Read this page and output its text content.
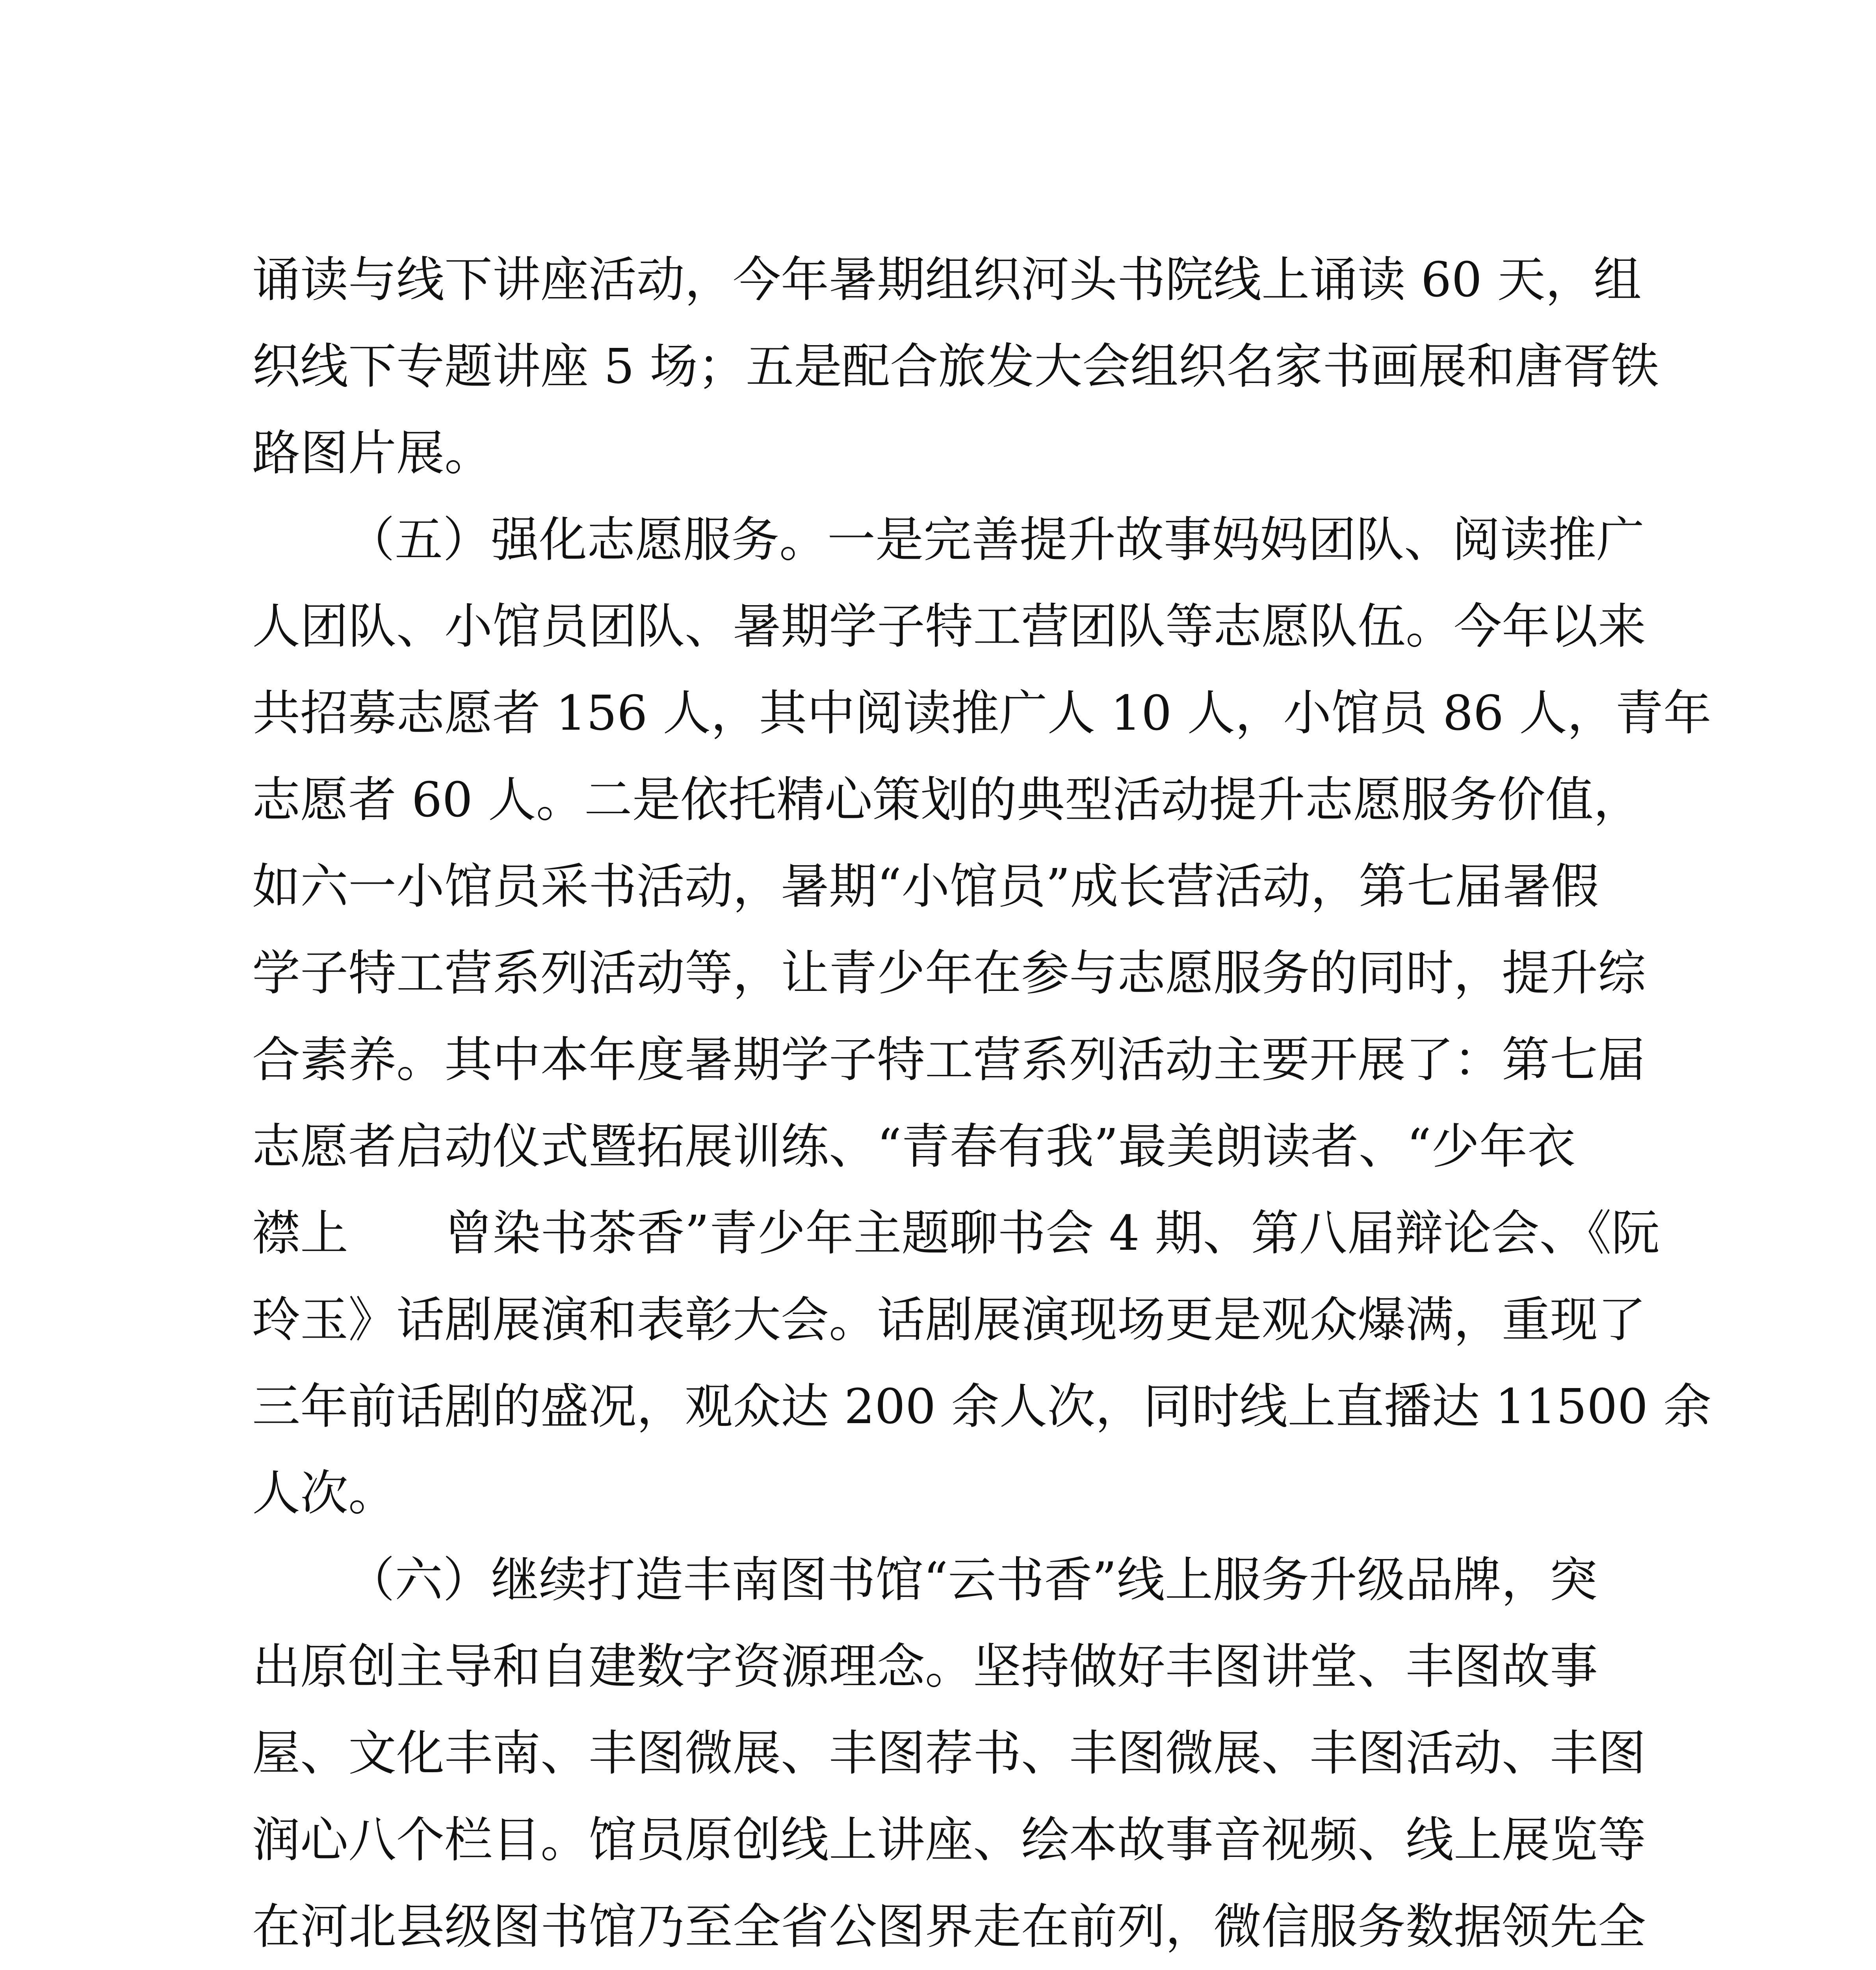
诵读与线下讲座活动，今年暑期组织河头书院线上诵读 60 天，组
织线下专题讲座 5 场；五是配合旅发大会组织名家书画展和唐胥铁
路图片展。
（五）强化志愿服务。一是完善提升故事妈妈团队、阅读推广
人团队、小馆员团队、暑期学子特工营团队等志愿队伍。今年以来
共招募志愿者 156 人，其中阅读推广人 10 人，小馆员 86 人，青年
志愿者 60 人。二是依托精心策划的典型活动提升志愿服务价值，
如六一小馆员采书活动，暑期“小馆员”成长营活动，第七届暑假
学子特工营系列活动等，让青少年在参与志愿服务的同时，提升综
合素养。其中本年度暑期学子特工营系列活动主要开展了：第七届
志愿者启动仪式暨拓展训练、“青春有我”最美朗读者、“少年衣
襟上　　曾染书茶香”青少年主题聊书会 4 期、第八届辩论会、《阮
玲玉》话剧展演和表彰大会。话剧展演现场更是观众爆满，重现了
三年前话剧的盛况，观众达 200 余人次，同时线上直播达 11500 余
人次。
（六）继续打造丰南图书馆“云书香”线上服务升级品牌，突
出原创主导和自建数字资源理念。坚持做好丰图讲堂、丰图故事
屋、文化丰南、丰图微展、丰图荐书、丰图微展、丰图活动、丰图
润心八个栏目。馆员原创线上讲座、绘本故事音视频、线上展览等
在河北县级图书馆乃至全省公图界走在前列，微信服务数据领先全
